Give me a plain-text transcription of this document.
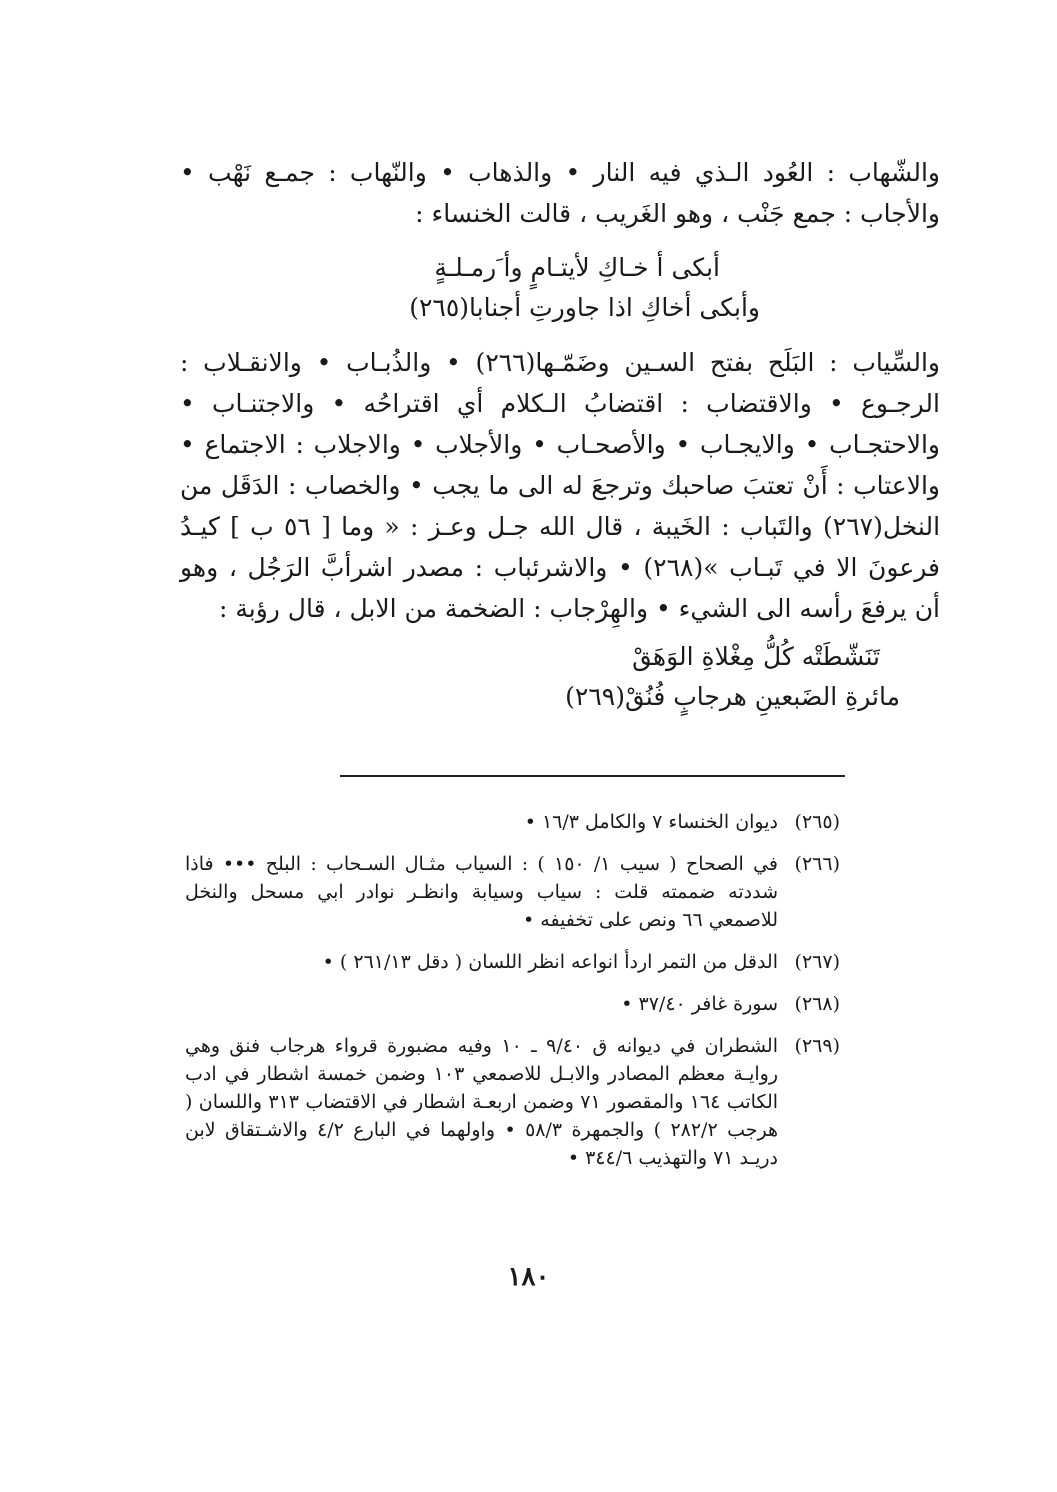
والشّهاب : العُود الـذي فيه النار • والذهاب • والنّهاب : جمـع نَهْب • والأجاب : جمع جَنْب ، وهو الغَريب ، قالت الخنساء :

أبكى أ خـاكِ لأيتـامٍ وأ َرمـلـةٍ

وأبكى أخاكِ اذا جاورتِ أجنابا(٢٦٥)

والسِّياب : البَلَح بفتح السـين وضَمّـها(٢٦٦) • والذُبـاب • والانقـلاب : الرجـوع • والاقتضاب : اقتضابُ الـكلام أي اقتراحُه • والاجتنـاب • والاحتجـاب • والايجـاب • والأصحـاب • والأجلاب • والاجلاب : الاجتماع • والاعتاب : أَنْ تعتبَ صاحبك وترجعَ له الى ما يجب • والخصاب : الدَقَل من النخل(٢٦٧) والتَباب : الخَيبة ، قال الله جـل وعـز : « وما [ ٥٦ ب ] كيـدُ فرعونَ الا في تَبـاب »(٢٦٨) • والاشرئباب : مصدر اشرأبَّ الرَجُل ، وهو أن يرفعَ رأسه الى الشيء • والهِرْجاب : الضخمة من الابل ، قال رؤبة :

تَنَشّطَتْه كُلُّ مِغْلاةِ الوَهَقْ

مائرةِ الضَبعينِ هرجابٍ فُنُقْ(٢٦٩)

(٢٦٥)
ديوان الخنساء ٧ والكامل ١٦/٣ •
(٢٦٦)
في الصحاح ( سيب ١/ ١٥٠ ) : السياب مثـال السـحاب : البلح ••• فاذا شددته ضممته قلت : سياب وسيابة وانظـر نوادر ابي مسحل والنخل للاصمعي ٦٦ ونص على تخفيفه •
(٢٦٧)
الدقل من التمر اردأ انواعه انظر اللسان ( دقل ٢٦١/١٣ ) •
(٢٦٨)
سورة غافر ٣٧/٤٠ •
(٢٦٩)
الشطران في ديوانه ق ٩/٤٠ ـ ١٠ وفيه مضبورة قرواء هرجاب فنق وهي روايـة معظم المصادر والابـل للاصمعي ١٠٣ وضمن خمسة اشطار في ادب الكاتب ١٦٤ والمقصور ٧١ وضمن اربعـة اشطار في الاقتضاب ٣١٣ واللسان ( هرجب ٢٨٢/٢ ) والجمهرة ٥٨/٣ • واولهما في البارع ٤/٢ والاشـتقاق لابن دريـد ٧١ والتهذيب ٣٤٤/٦ •
١٨٠
